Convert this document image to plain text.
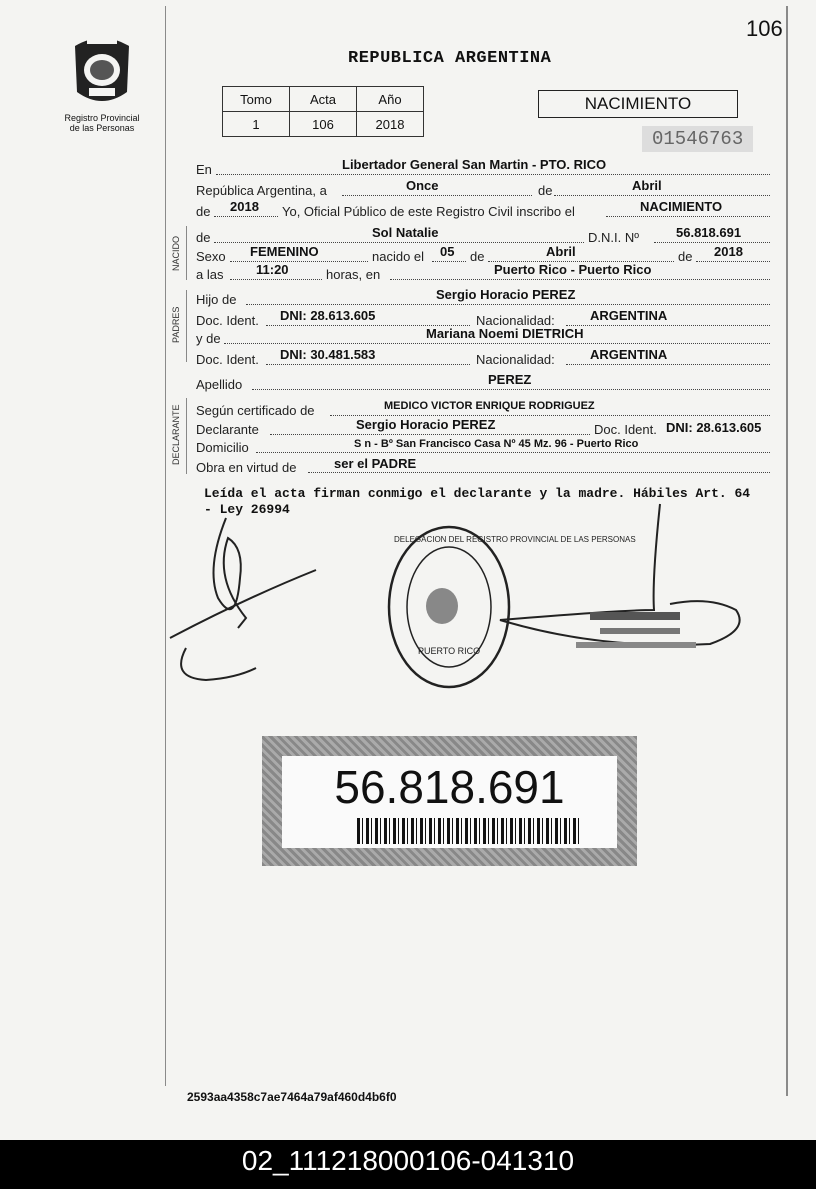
106
Registro Provincial
de las Personas
REPUBLICA ARGENTINA
Tomo	Acta	Año
1	106	2018
NACIMIENTO
01546763
NACIDO
PADRES
DECLARANTE
En	Libertador General San Martin - PTO. RICO
República Argentina, a	Once	de	Abril
de 2018 Yo, Oficial Público de este Registro Civil inscribo el	NACIMIENTO
de	Sol Natalie	D.N.I. Nº	56.818.691
Sexo FEMENINO	nacido el 05 de	Abril	de 2018
a las	11:20	horas, en	Puerto Rico - Puerto Rico
Hijo de	Sergio Horacio PEREZ
Doc. Ident. DNI: 28.613.605	Nacionalidad:	ARGENTINA
y de	Mariana Noemi DIETRICH
Doc. Ident. DNI: 30.481.583	Nacionalidad:	ARGENTINA
Apellido	PEREZ
Según certificado de	MEDICO VICTOR ENRIQUE RODRIGUEZ
Declarante	Sergio Horacio PEREZ	Doc. Ident. DNI: 28.613.605
Domicilio	S n - Bº San Francisco Casa Nº 45 Mz. 96 - Puerto Rico
Obra en virtud de	ser el PADRE
Leída el acta firman conmigo el declarante y la madre. Hábiles Art. 64 - Ley 26994
DELEGACION DEL REGISTRO PROVINCIAL DE LAS PERSONAS
PUERTO RICO
56.818.691
2593aa4358c7ae7464a79af460d4b6f0
02_111218000106-041310
